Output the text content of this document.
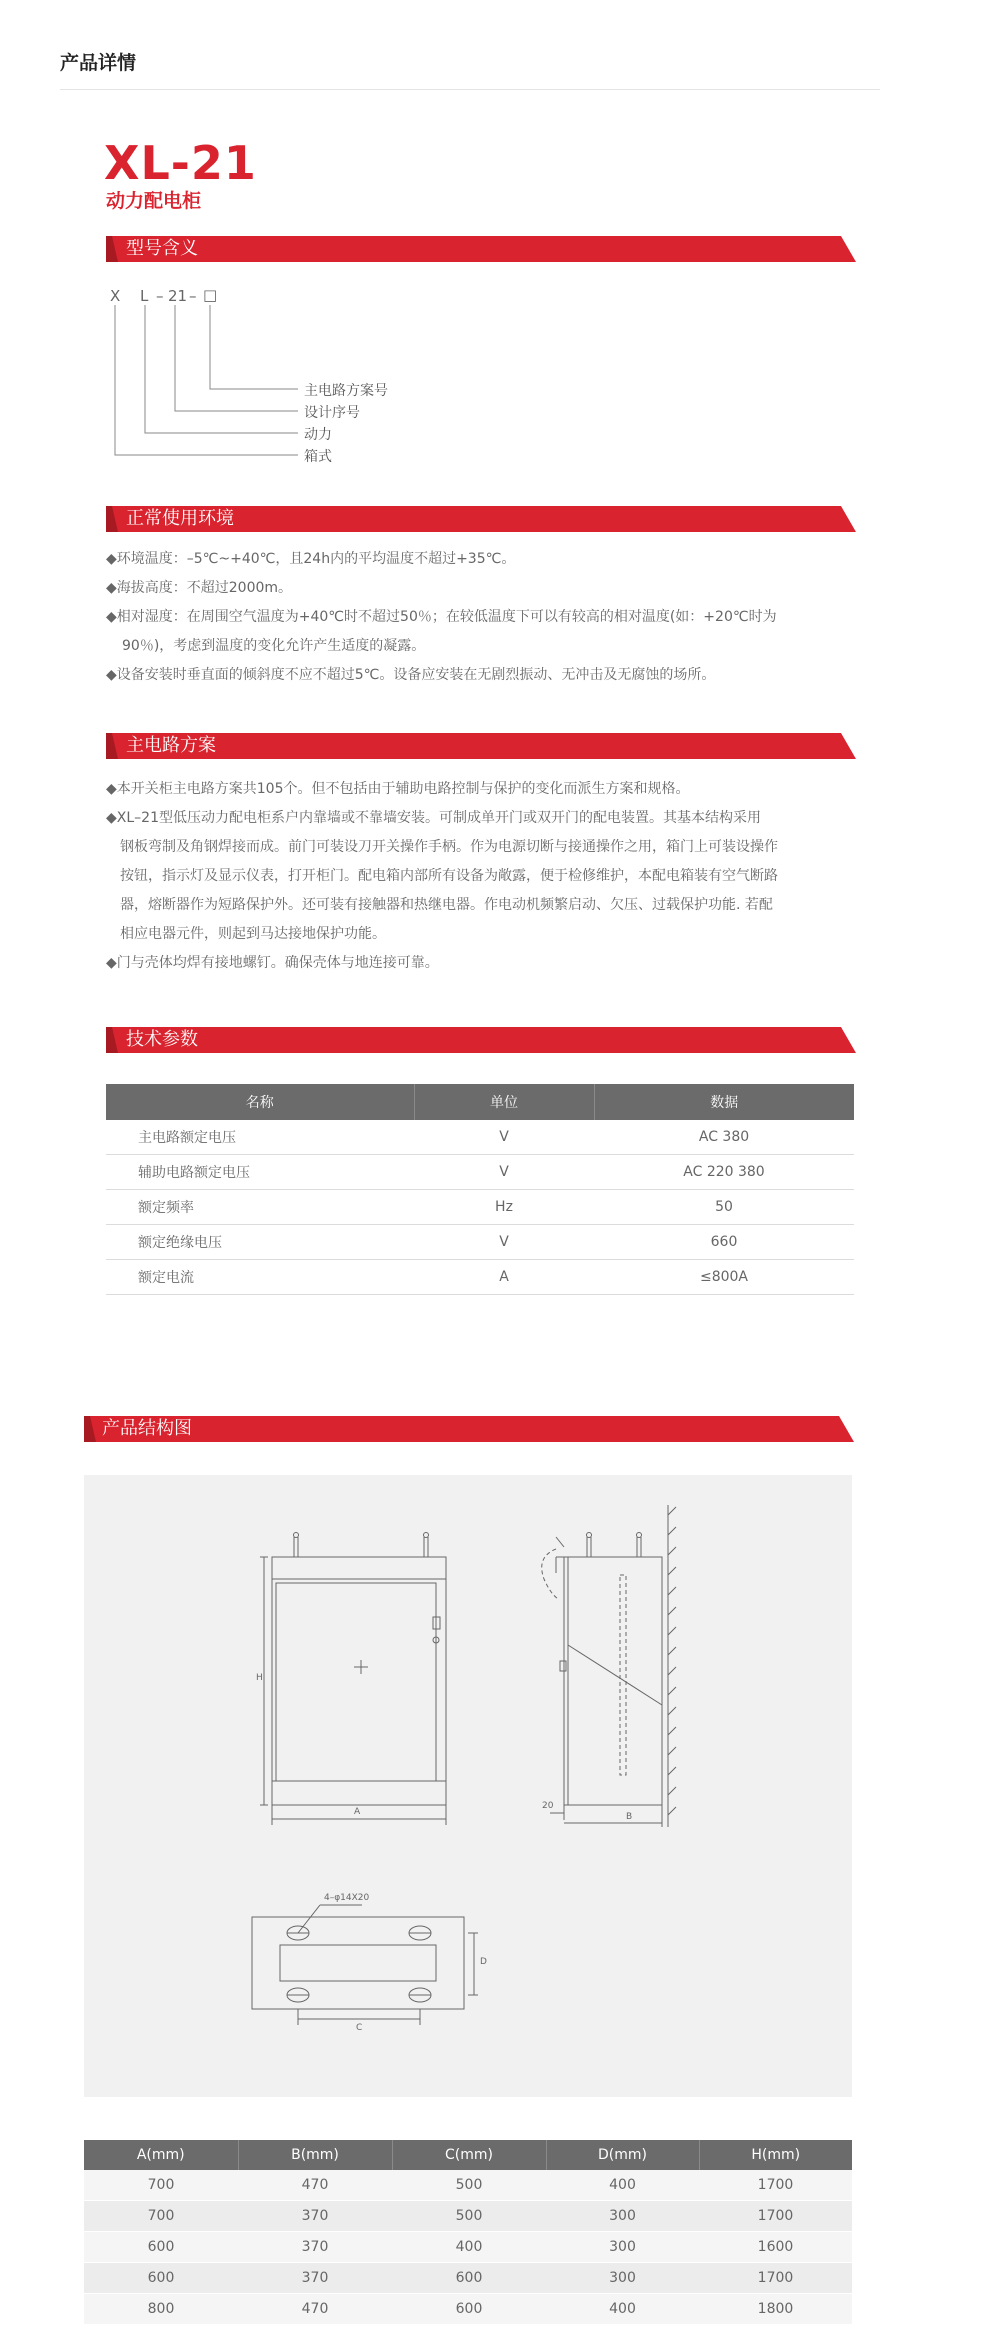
产品详情
XL-21
动力配电柜
型号含义
X L – 21 – □
主电路方案号
设计序号
动力
箱式
正常使用环境
◆环境温度：–5℃~+40℃，且24h内的平均温度不超过+35℃。
◆海拔高度：不超过2000m。
◆相对湿度：在周围空气温度为+40℃时不超过50％；在较低温度下可以有较高的相对温度(如：+20℃时为
90％)，考虑到温度的变化允许产生适度的凝露。
◆设备安装时垂直面的倾斜度不应不超过5℃。设备应安装在无剧烈振动、无冲击及无腐蚀的场所。
主电路方案
◆本开关柜主电路方案共105个。但不包括由于辅助电路控制与保护的变化而派生方案和规格。
◆XL–21型低压动力配电柜系户内靠墙或不靠墙安装。可制成单开门或双开门的配电装置。其基本结构采用
钢板弯制及角钢焊接而成。前门可装设刀开关操作手柄。作为电源切断与接通操作之用，箱门上可装设操作
按钮，指示灯及显示仪表，打开柜门。配电箱内部所有设备为敞露，便于检修维护，本配电箱装有空气断路
器，熔断器作为短路保护外。还可装有接触器和热继电器。作电动机频繁启动、欠压、过载保护功能. 若配
相应电器元件，则起到马达接地保护功能。
◆门与壳体均焊有接地螺钉。确保壳体与地连接可靠。
技术参数
名称	单位	数据
主电路额定电压	V	AC 380
辅助电路额定电压	V	AC 220 380
额定频率	Hz	50
额定绝缘电压	V	660
额定电流	A	≤800A
产品结构图
H
A	B
20
4–φ14X20
D
C
A(mm)	B(mm)	C(mm)	D(mm)	H(mm)
700	470	500	400	1700
700	370	500	300	1700
600	370	400	300	1600
600	370	600	300	1700
800	470	600	400	1800
